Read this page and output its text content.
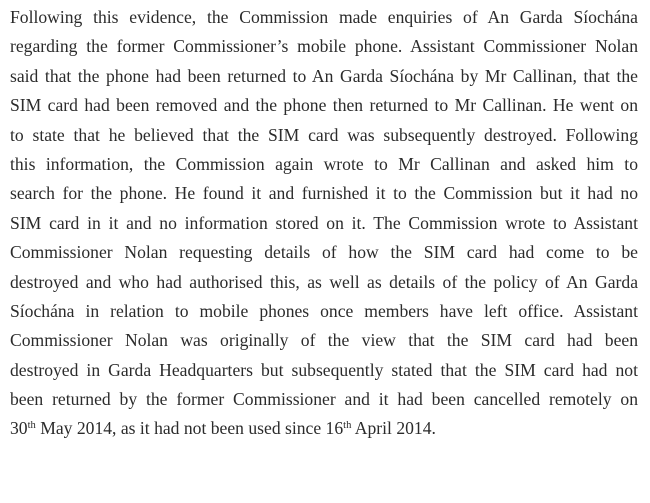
Following this evidence, the Commission made enquiries of An Garda Síochána
regarding the former Commissioner’s mobile phone. Assistant Commissioner Nolan
said that the phone had been returned to An Garda Síochána by Mr Callinan, that the
SIM card had been removed and the phone then returned to Mr Callinan. He went on
to state that he believed that the SIM card was subsequently destroyed. Following
this information, the Commission again wrote to Mr Callinan and asked him to
search for the phone. He found it and furnished it to the Commission but it had no
SIM card in it and no information stored on it. The Commission wrote to Assistant
Commissioner Nolan requesting details of how the SIM card had come to be
destroyed and who had authorised this, as well as details of the policy of An Garda
Síochána in relation to mobile phones once members have left office. Assistant
Commissioner Nolan was originally of the view that the SIM card had been
destroyed in Garda Headquarters but subsequently stated that the SIM card had not
been returned by the former Commissioner and it had been cancelled remotely on
30th May 2014, as it had not been used since 16th April 2014.
